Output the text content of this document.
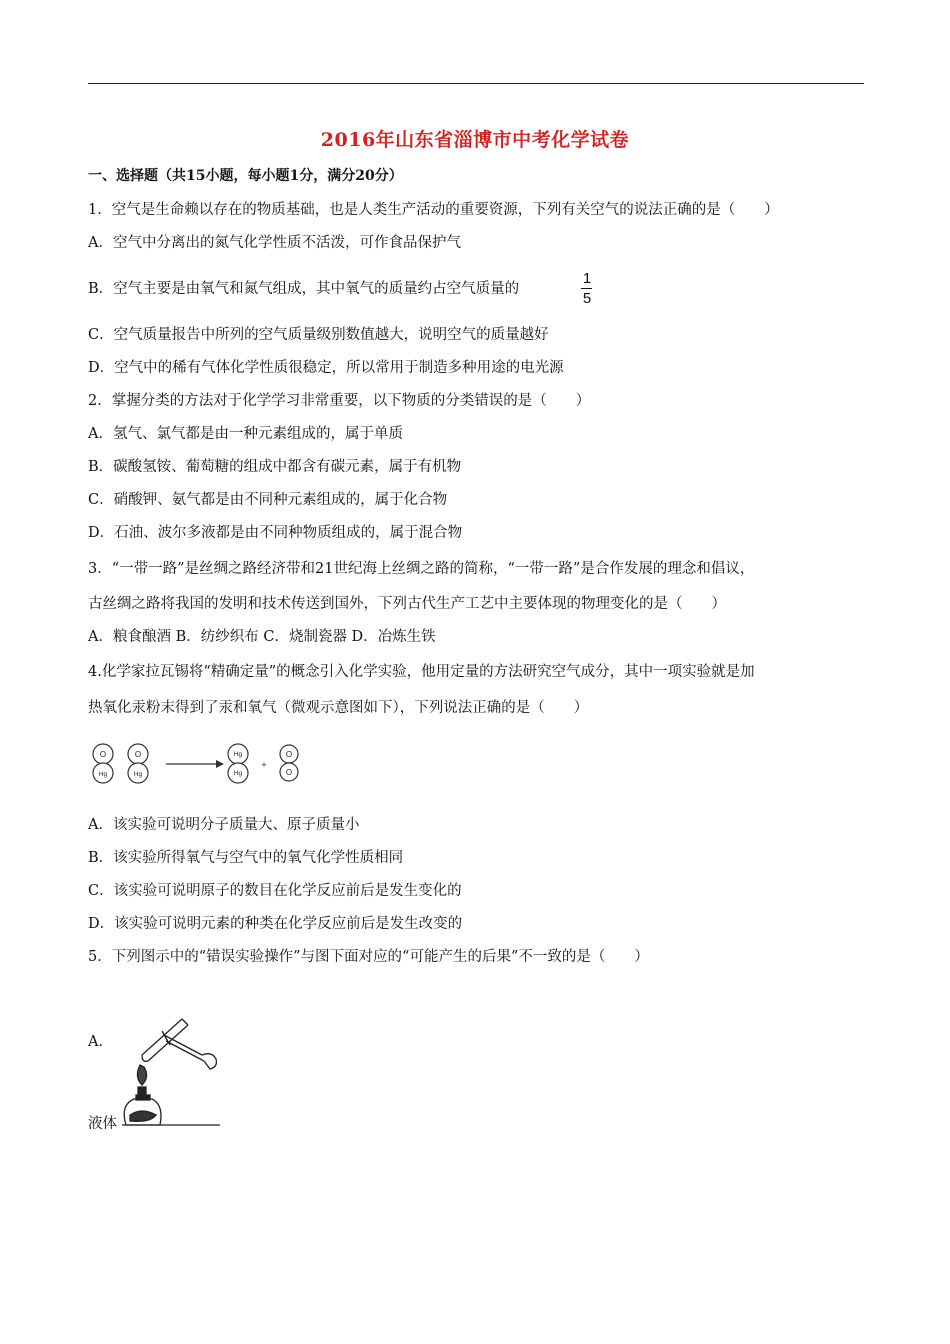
2016年山东省淄博市中考化学试卷
一、选择题（共15小题，每小题1分，满分20分）
1．空气是生命赖以存在的物质基础，也是人类生产活动的重要资源，下列有关空气的说法正确的是（　　）
A．空气中分离出的氮气化学性质不活泼，可作食品保护气
B．空气主要是由氧气和氮气组成，其中氧气的质量约占空气质量的
1
5
C．空气质量报告中所列的空气质量级别数值越大，说明空气的质量越好
D．空气中的稀有气体化学性质很稳定，所以常用于制造多种用途的电光源
2．掌握分类的方法对于化学学习非常重要，以下物质的分类错误的是（　　）
A．氢气、氯气都是由一种元素组成的，属于单质
B．碳酸氢铵、葡萄糖的组成中都含有碳元素，属于有机物
C．硝酸钾、氨气都是由不同种元素组成的，属于化合物
D．石油、波尔多液都是由不同种物质组成的，属于混合物
3．“一带一路”是丝绸之路经济带和21世纪海上丝绸之路的简称，“一带一路”是合作发展的理念和倡议，
古丝绸之路将我国的发明和技术传送到国外，下列古代生产工艺中主要体现的物理变化的是（　　）
A．粮食酿酒 B．纺纱织布 C．烧制瓷器 D．冶炼生铁
4.化学家拉瓦锡将“精确定量”的概念引入化学实验，他用定量的方法研究空气成分，其中一项实验就是加
热氧化汞粉末得到了汞和氧气（微观示意图如下），下列说法正确的是（　　）
O
Hg
O
Hg
Hg
Hg
+
O
O
A．该实验可说明分子质量大、原子质量小
B．该实验所得氧气与空气中的氧气化学性质相同
C．该实验可说明原子的数目在化学反应前后是发生变化的
D．该实验可说明元素的种类在化学反应前后是发生改变的
5．下列图示中的“错误实验操作”与图下面对应的“可能产生的后果”不一致的是（　　）
A．
液体
